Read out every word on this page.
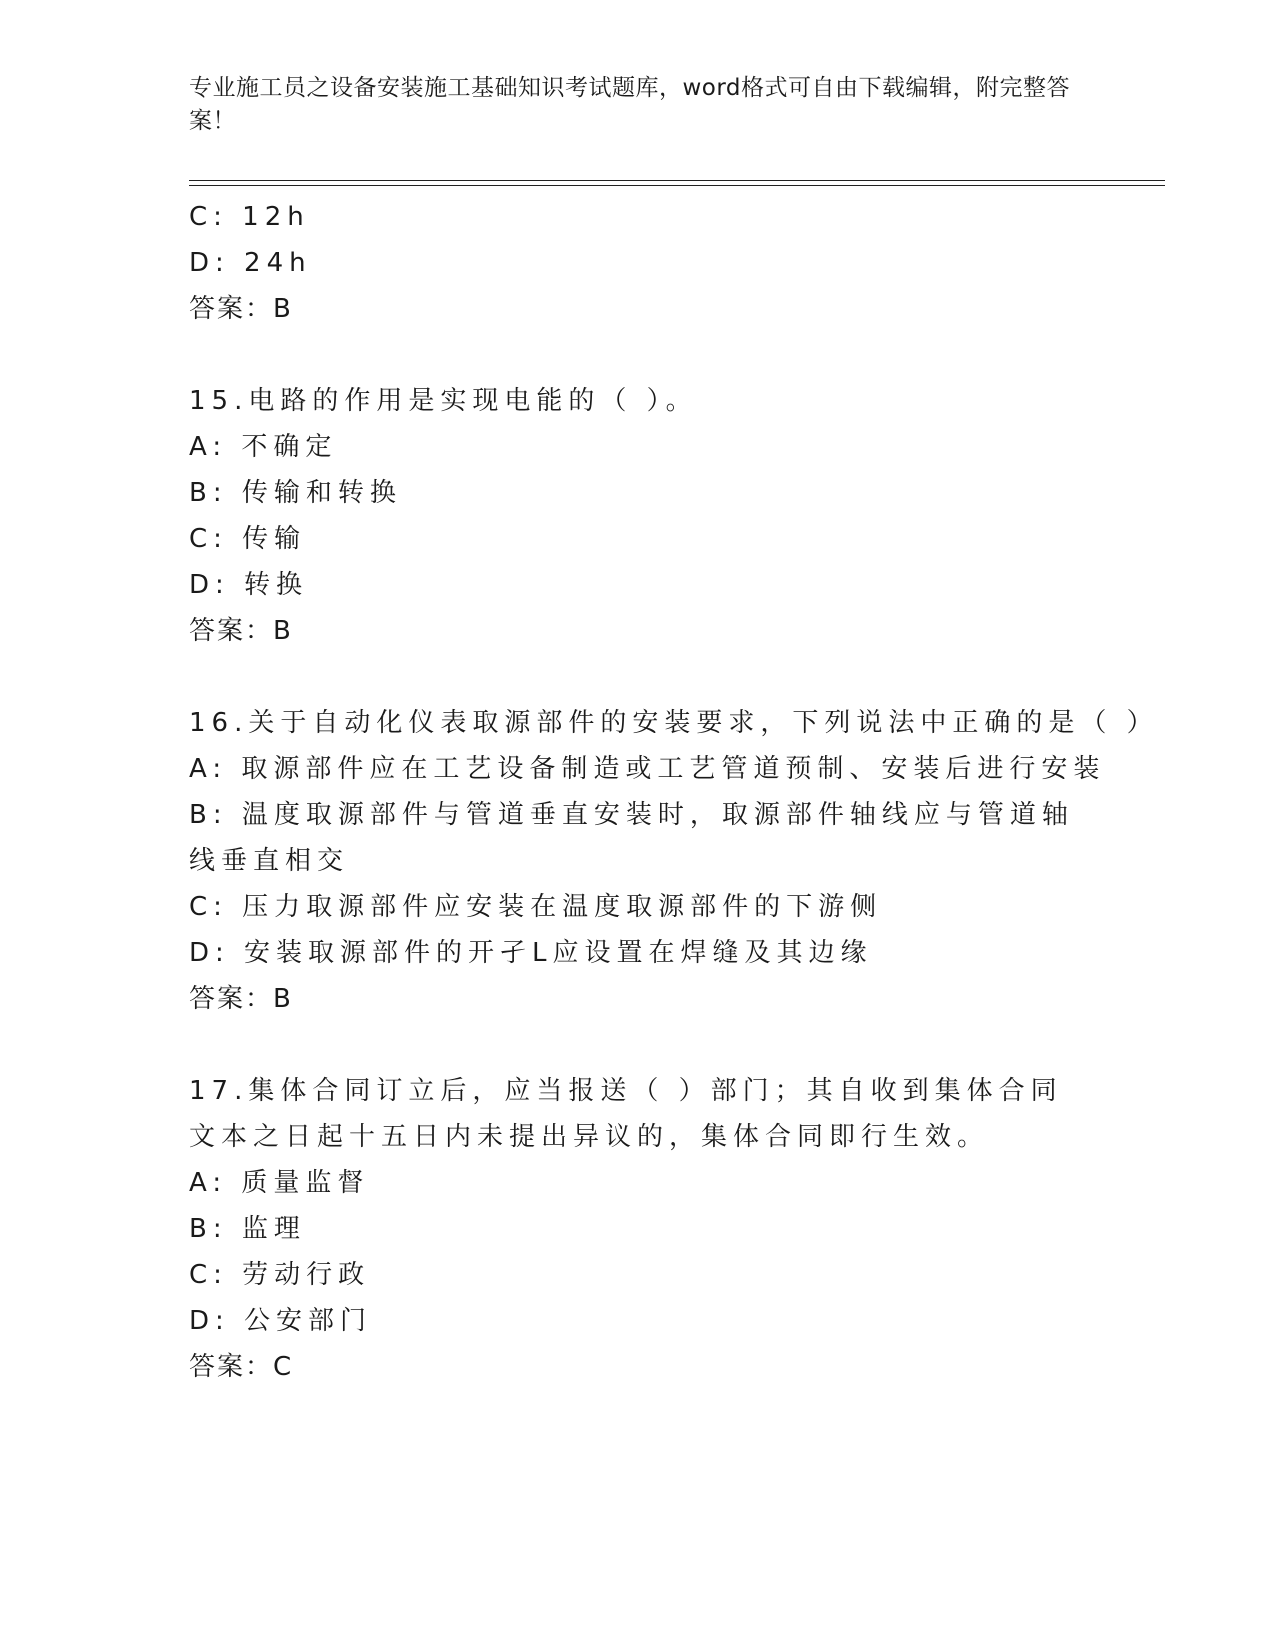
专业施工员之设备安装施工基础知识考试题库，word格式可自由下载编辑，附完整答案！
C: 12h
D: 24h
答案：B
15.电路的作用是实现电能的（ ）。
A: 不确定
B: 传输和转换
C: 传输
D: 转换
答案：B
16.关于自动化仪表取源部件的安装要求，下列说法中正确的是（ ）
A: 取源部件应在工艺设备制造或工艺管道预制、安装后进行安装
B: 温度取源部件与管道垂直安装时，取源部件轴线应与管道轴线垂直相交
C: 压力取源部件应安装在温度取源部件的下游侧
D: 安装取源部件的开孑L应设置在焊缝及其边缘
答案：B
17.集体合同订立后，应当报送（ ）部门；其自收到集体合同文本之日起十五日内未提出异议的，集体合同即行生效。
A: 质量监督
B: 监理
C: 劳动行政
D: 公安部门
答案：C
